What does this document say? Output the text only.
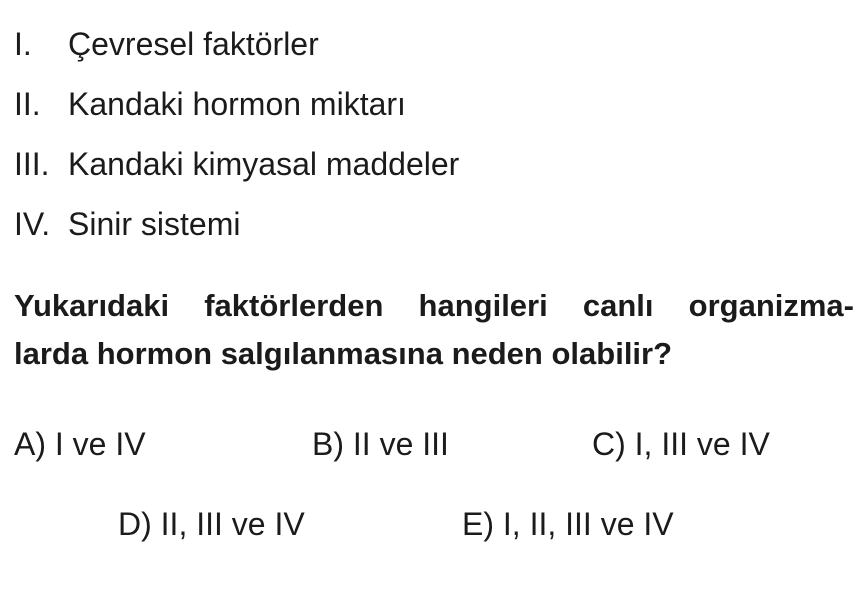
I.	Çevresel faktörler
II. Kandaki hormon miktarı
III. Kandaki kimyasal maddeler
IV. Sinir sistemi
Yukarıdaki faktörlerden hangileri canlı organizma-
larda hormon salgılanmasına neden olabilir?
A) I ve IV	B) II ve III	C) I, III ve IV
D) II, III ve IV	E) I, II, III ve IV
